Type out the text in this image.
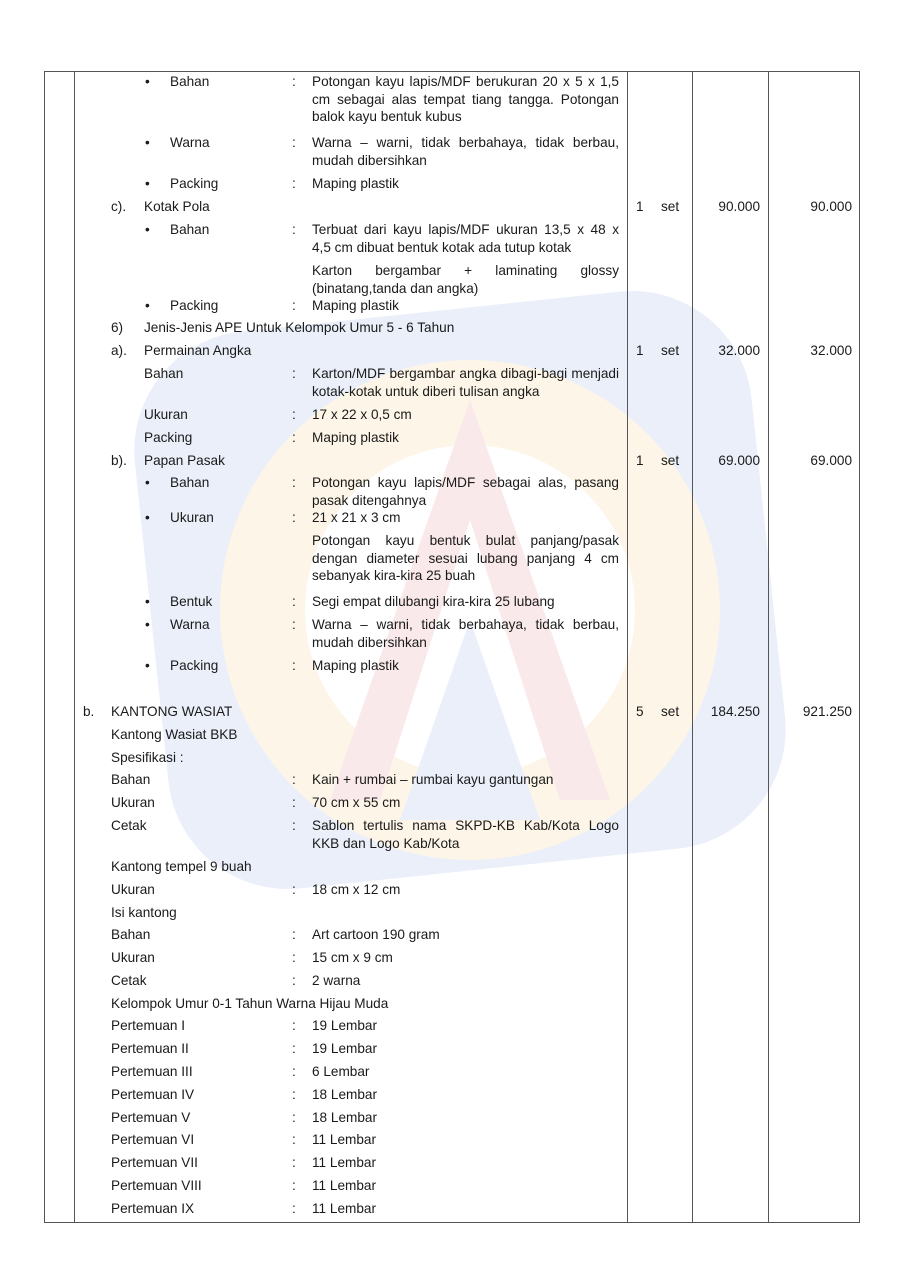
• Bahan	: Potongan kayu lapis/MDF berukuran 20 x 5 x 1,5 cm sebagai alas tempat tiang tangga. Potongan balok kayu bentuk kubus
• Warna	: Warna – warni, tidak berbahaya, tidak berbau, mudah dibersihkan
• Packing	: Maping plastik
c). Kotak Pola	1 set	90.000	90.000
• Bahan	: Terbuat dari kayu lapis/MDF ukuran 13,5 x 48 x 4,5 cm dibuat bentuk kotak ada tutup kotak
Karton bergambar + laminating glossy (binatang,tanda dan angka)
• Packing	: Maping plastik
6) Jenis-Jenis APE Untuk Kelompok Umur 5 - 6 Tahun
a). Permainan Angka	1 set	32.000	32.000
Bahan	: Karton/MDF bergambar angka dibagi-bagi menjadi kotak-kotak untuk diberi tulisan angka
Ukuran	: 17 x 22 x 0,5 cm
Packing	: Maping plastik
b). Papan Pasak	1 set	69.000	69.000
• Bahan	: Potongan kayu lapis/MDF sebagai alas, pasang pasak ditengahnya
• Ukuran	: 21 x 21 x 3 cm
Potongan kayu bentuk bulat panjang/pasak dengan diameter sesuai lubang panjang 4 cm sebanyak kira-kira 25 buah
• Bentuk	: Segi empat dilubangi kira-kira 25 lubang
• Warna	: Warna – warni, tidak berbahaya, tidak berbau, mudah dibersihkan
• Packing	: Maping plastik
b. KANTONG WASIAT	5 set	184.250	921.250
Kantong Wasiat BKB
Spesifikasi :
Bahan	: Kain + rumbai – rumbai kayu gantungan
Ukuran	: 70 cm x 55 cm
Cetak	: Sablon tertulis nama SKPD-KB Kab/Kota Logo KKB dan Logo Kab/Kota
Kantong tempel 9 buah
Ukuran	: 18 cm x 12 cm
Isi kantong
Bahan	: Art cartoon 190 gram
Ukuran	: 15 cm x 9 cm
Cetak	: 2 warna
Kelompok Umur 0-1 Tahun Warna Hijau Muda
Pertemuan I	: 19 Lembar
Pertemuan II	: 19 Lembar
Pertemuan III	: 6 Lembar
Pertemuan IV	: 18 Lembar
Pertemuan V	: 18 Lembar
Pertemuan VI	: 11 Lembar
Pertemuan VII	: 11 Lembar
Pertemuan VIII	: 11 Lembar
Pertemuan IX	: 11 Lembar
